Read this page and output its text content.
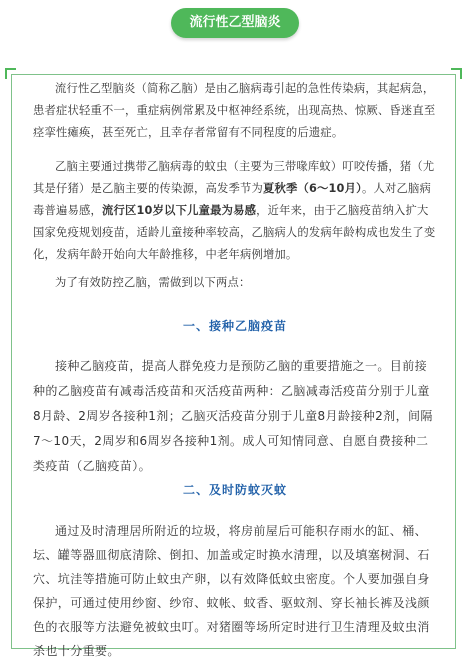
流行性乙型脑炎

流行性乙型脑炎（简称乙脑）是由乙脑病毒引起的急性传染病，其起病急，患者症状轻重不一，重症病例常累及中枢神经系统，出现高热、惊厥、昏迷直至痉挛性瘫痪，甚至死亡，且幸存者常留有不同程度的后遗症。

乙脑主要通过携带乙脑病毒的蚊虫（主要为三带喙库蚊）叮咬传播，猪（尤其是仔猪）是乙脑主要的传染源，高发季节为夏秋季（6～10月）。人对乙脑病毒普遍易感，流行区10岁以下儿童最为易感，近年来，由于乙脑疫苗纳入扩大国家免疫规划疫苗，适龄儿童接种率较高，乙脑病人的发病年龄构成也发生了变化，发病年龄开始向大年龄推移，中老年病例增加。

为了有效防控乙脑，需做到以下两点：

一、接种乙脑疫苗

接种乙脑疫苗，提高人群免疫力是预防乙脑的重要措施之一。目前接种的乙脑疫苗有减毒活疫苗和灭活疫苗两种：乙脑减毒活疫苗分别于儿童8月龄、2周岁各接种1剂；乙脑灭活疫苗分别于儿童8月龄接种2剂，间隔7～10天，2周岁和6周岁各接种1剂。成人可知情同意、自愿自费接种二类疫苗（乙脑疫苗）。

二、及时防蚊灭蚊

通过及时清理居所附近的垃圾，将房前屋后可能积存雨水的缸、桶、坛、罐等器皿彻底清除、倒扣、加盖或定时换水清理，以及填塞树洞、石穴、坑洼等措施可防止蚊虫产卵，以有效降低蚊虫密度。个人要加强自身保护，可通过使用纱窗、纱帘、蚊帐、蚊香、驱蚊剂、穿长袖长裤及浅颜色的衣服等方法避免被蚊虫叮。对猪圈等场所定时进行卫生清理及蚊虫消杀也十分重要。
